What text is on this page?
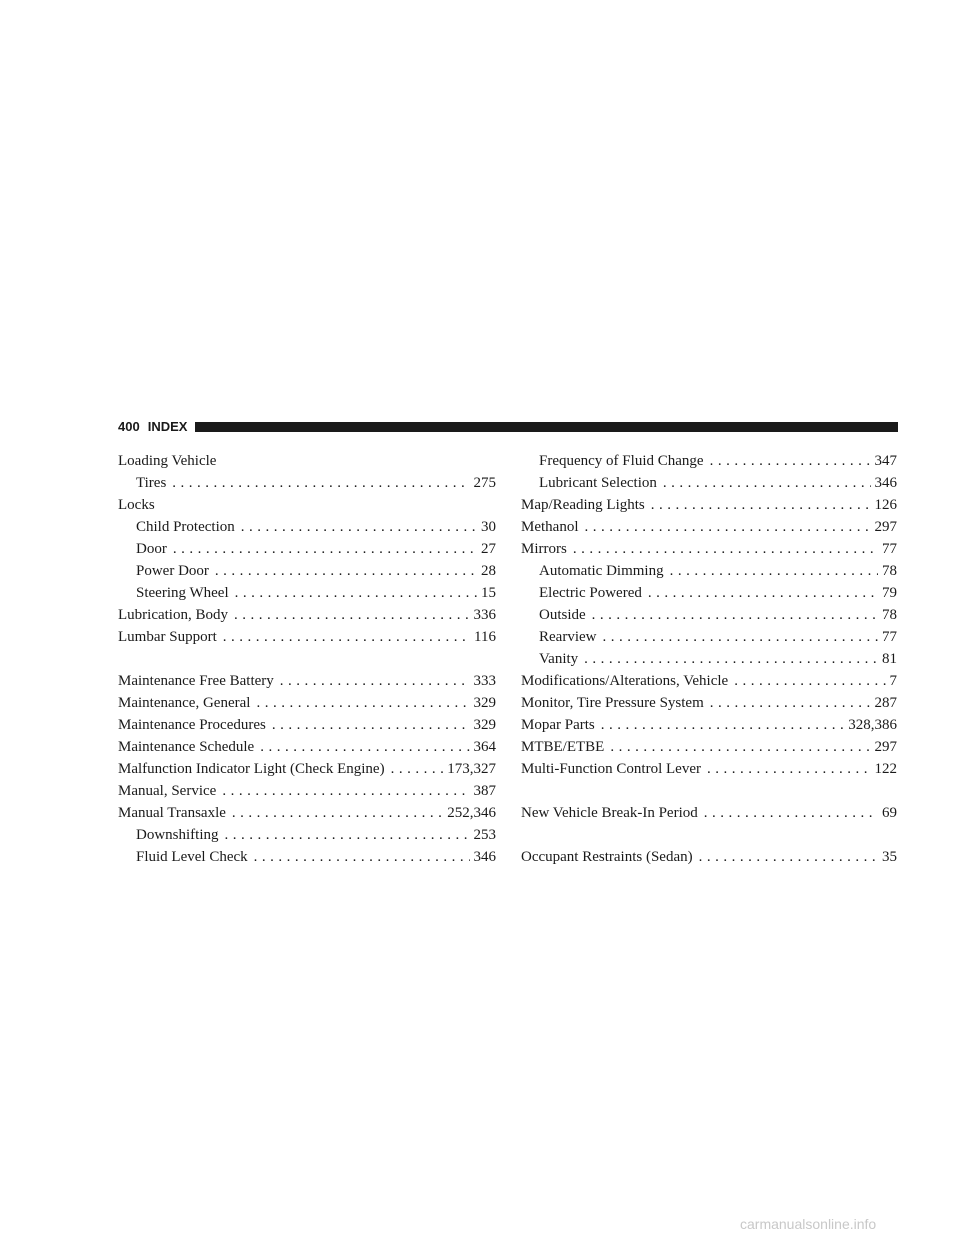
400 INDEX
Loading Vehicle
Tires .....	275
Locks
Child Protection .....	30
Door .....	27
Power Door .....	28
Steering Wheel .....	15
Lubrication, Body .....	336
Lumbar Support .....	116
Maintenance Free Battery .....	333
Maintenance, General .....	329
Maintenance Procedures .....	329
Maintenance Schedule .....	364
Malfunction Indicator Light (Check Engine) .....	173,327
Manual, Service .....	387
Manual Transaxle .....	252,346
Downshifting .....	253
Fluid Level Check .....	346
Frequency of Fluid Change .....	347
Lubricant Selection .....	346
Map/Reading Lights .....	126
Methanol .....	297
Mirrors .....	77
Automatic Dimming .....	78
Electric Powered .....	79
Outside .....	78
Rearview .....	77
Vanity .....	81
Modifications/Alterations, Vehicle .....	7
Monitor, Tire Pressure System .....	287
Mopar Parts .....	328,386
MTBE/ETBE .....	297
Multi-Function Control Lever .....	122
New Vehicle Break-In Period .....	69
Occupant Restraints (Sedan) .....	35
carmanualsonline.info
